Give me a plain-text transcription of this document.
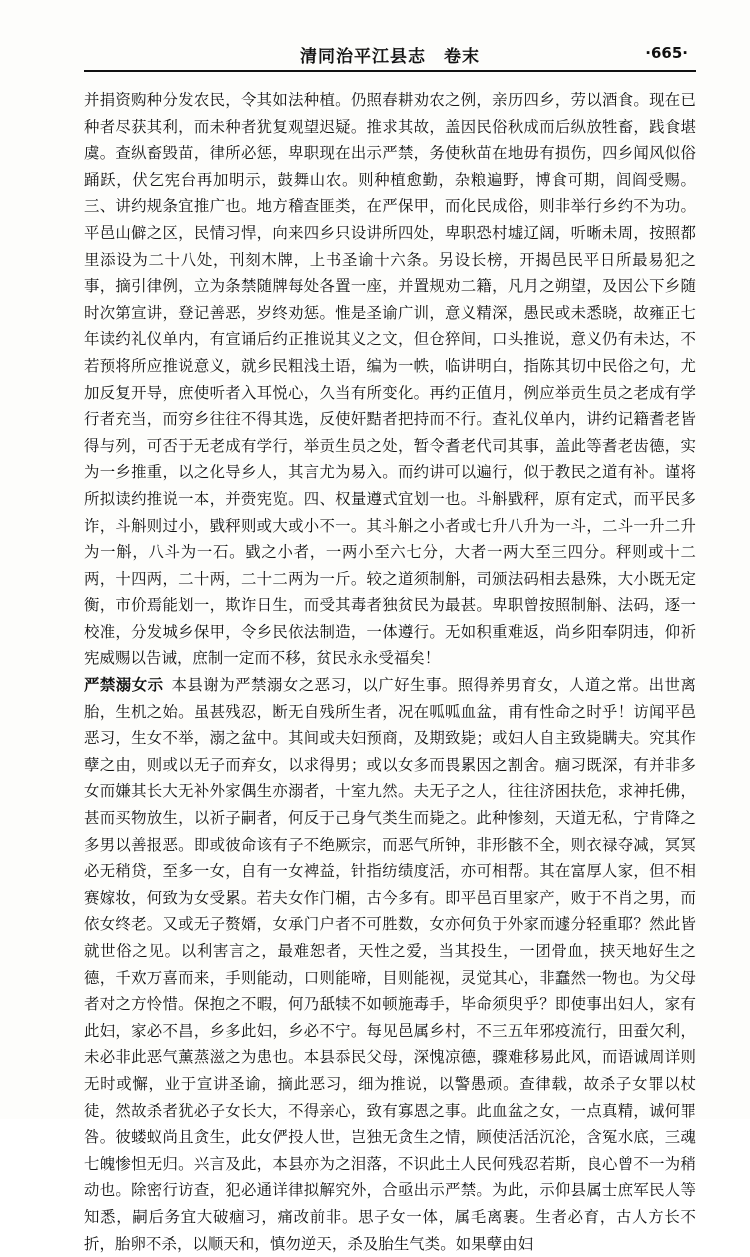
清同治平江县志　卷末	·665·

并捐资购种分发农民，令其如法种植。仍照春耕劝农之例，亲历四乡，劳以酒食。现在已种者尽获其利，而未种者犹复观望迟疑。推求其故，盖因民俗秋成而后纵放牲畜，践食堪虞。查纵畜毁苗，律所必惩，卑职现在出示严禁，务使秋苗在地毋有损伤，四乡闻风似俗踊跃，伏乞宪台再加明示，鼓舞山农。则种植愈勤，杂粮遍野，博食可期，闾阎受赐。三、讲约规条宜推广也。地方稽查匪类，在严保甲，而化民成俗，则非举行乡约不为功。平邑山僻之区，民情习悍，向来四乡只设讲所四处，卑职恐村墟辽阔，听晰未周，按照都里添设为二十八处，刊刻木牌，上书圣谕十六条。另设长榜，开揭邑民平日所最易犯之事，摘引律例，立为条禁随牌每处各置一座，并置规劝二籍，凡月之朔望，及因公下乡随时次第宣讲，登记善恶，岁终劝惩。惟是圣谕广训，意义精深，愚民或未悉晓，故雍正七年读约礼仪单内，有宣诵后约正推说其义之文，但仓猝间，口头推说，意义仍有未达，不若预将所应推说意义，就乡民粗浅土语，编为一帙，临讲明白，指陈其切中民俗之句，尤加反复开导，庶使听者入耳悦心，久当有所变化。再约正值月，例应举贡生员之老成有学行者充当，而穷乡往往不得其选，反使奸黠者把持而不行。查礼仪单内，讲约记籍耆老皆得与列，可否于无老成有学行，举贡生员之处，暂令耆老代司其事，盖此等耆老齿德，实为一乡推重，以之化导乡人，其言尤为易入。而约讲可以遍行，似于教民之道有补。谨将所拟读约推说一本，并赍宪览。四、权量遵式宜划一也。斗斛戥秤，原有定式，而平民多诈，斗斛则过小，戥秤则或大或小不一。其斗斛之小者或七升八升为一斗，二斗一升二升为一斛，八斗为一石。戥之小者，一两小至六七分，大者一两大至三四分。秤则或十二两，十四两，二十两，二十二两为一斤。较之道须制斛，司颁法码相去悬殊，大小既无定衡，市价焉能划一，欺诈日生，而受其毒者独贫民为最甚。卑职曾按照制斛、法码，逐一校准，分发城乡保甲，令乡民依法制造，一体遵行。无如积重难返，尚乡阳奉阴违，仰祈宪威赐以告诫，庶制一定而不移，贫民永永受福矣！

严禁溺女示 本县谢为严禁溺女之恶习，以广好生事。照得养男育女，人道之常。出世离胎，生机之始。虽甚残忍，断无自残所生者，况在呱呱血盆，甫有性命之时乎！访闻平邑恶习，生女不举，溺之盆中。其间或夫妇预商，及期致毙；或妇人自主致毙瞒夫。究其作孽之由，则或以无子而弃女，以求得男；或以女多而畏累因之割舍。痼习既深，有并非多女而嫌其长大无补外家偶生亦溺者，十室九然。夫无子之人，往往济困扶危，求神托佛，甚而买物放生，以祈子嗣者，何反于己身气类生而毙之。此种惨刻，天道无私，宁肯降之多男以善报恶。即或彼命该有子不绝厥宗，而恶气所钟，非形骸不全，则衣禄夺减，冥冥必无稍贷，至多一女，自有一女裨益，针指纺绩度活，亦可相帮。其在富厚人家，但不相赛嫁妆，何致为女受累。若夫女作门楣，古今多有。即平邑百里家产，败于不肖之男，而依女终老。又或无子赘婿，女承门户者不可胜数，女亦何负于外家而遽分轻重耶？然此皆就世俗之见。以利害言之，最难恕者，天性之爱，当其投生，一团骨血，挟天地好生之德，千欢万喜而来，手则能动，口则能啼，目则能视，灵觉其心，非蠢然一物也。为父母者对之方怜惜。保抱之不暇，何乃舐犊不如顿施毒手，毕命须臾乎？即使事出妇人，家有此妇，家必不昌，乡多此妇，乡必不宁。每见邑属乡村，不三五年邪疫流行，田蚕欠利，未必非此恶气薰蒸滋之为患也。本县忝民父母，深愧凉德，骤难移易此风，而语诚周详则无时或懈，业于宣讲圣谕，摘此恶习，细为推说，以警愚顽。查律载，故杀子女罪以杖徒，然故杀者犹必子女长大，不得亲心，致有寡恩之事。此血盆之女，一点真精，诚何罪咎。彼蝼蚁尚且贪生，此女俨投人世，岂独无贪生之情，顾使活活沉沦，含冤水底，三魂七魄惨怛无归。兴言及此，本县亦为之泪落，不识此土人民何残忍若斯，良心曾不一为稍动也。除密行访查，犯必通详律拟解究外，合亟出示严禁。为此，示仰县属士庶军民人等知悉，嗣后务宜大破痼习，痛改前非。思子女一体，属毛离裹。生者必育，古人方长不折，胎卵不杀，以顺天和，慎勿逆天，杀及胎生气类。如果孽由妇
